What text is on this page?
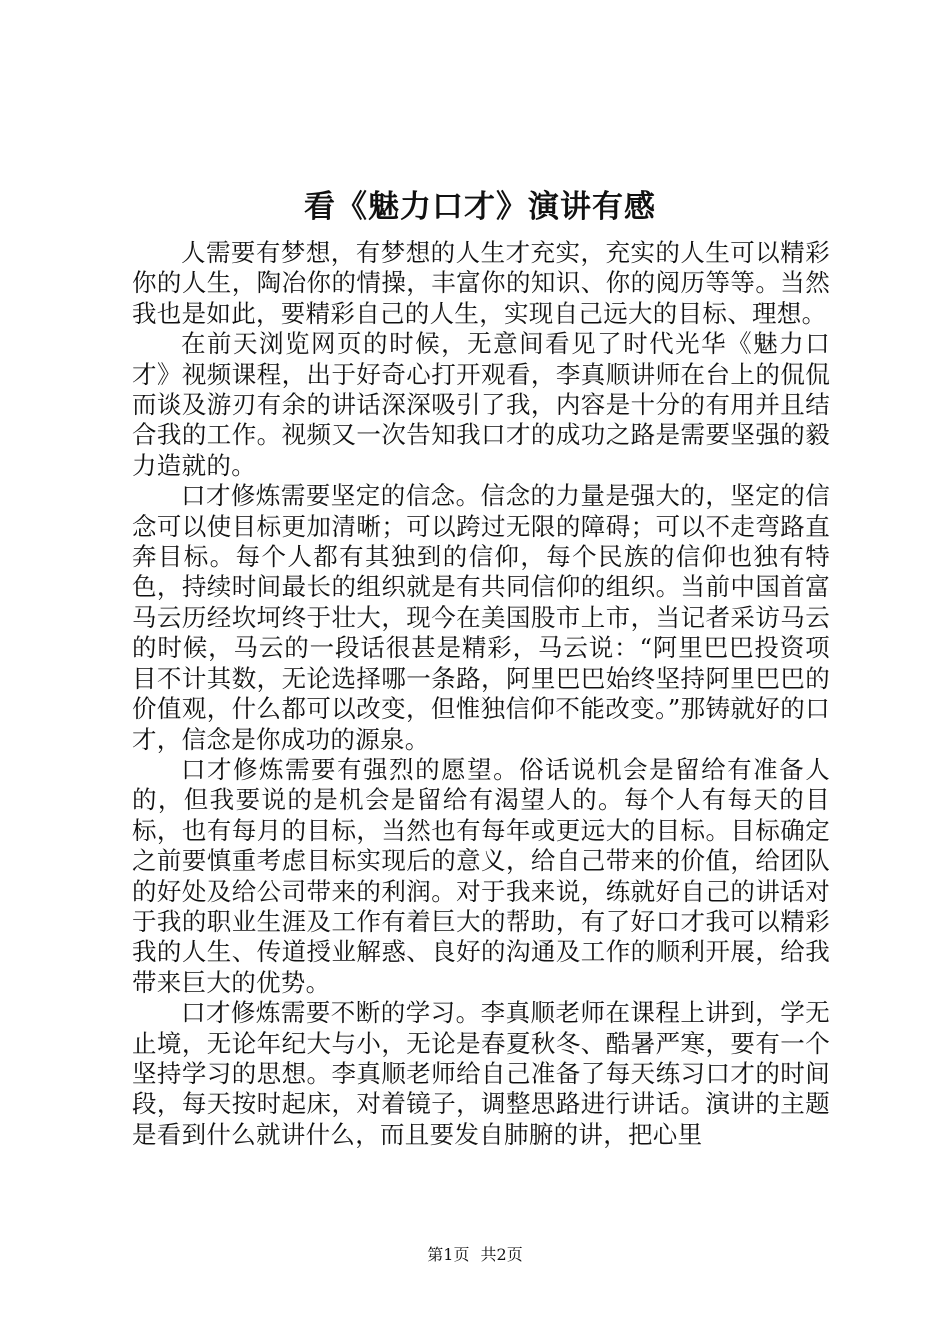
看《魅力口才》演讲有感

人需要有梦想，有梦想的人生才充实，充实的人生可以精彩你的人生，陶冶你的情操，丰富你的知识、你的阅历等等。当然我也是如此，要精彩自己的人生，实现自己远大的目标、理想。

在前天浏览网页的时候，无意间看见了时代光华《魅力口才》视频课程，出于好奇心打开观看，李真顺讲师在台上的侃侃而谈及游刃有余的讲话深深吸引了我，内容是十分的有用并且结合我的工作。视频又一次告知我口才的成功之路是需要坚强的毅力造就的。

口才修炼需要坚定的信念。信念的力量是强大的，坚定的信念可以使目标更加清晰；可以跨过无限的障碍；可以不走弯路直奔目标。每个人都有其独到的信仰，每个民族的信仰也独有特色，持续时间最长的组织就是有共同信仰的组织。当前中国首富马云历经坎坷终于壮大，现今在美国股市上市，当记者采访马云的时候，马云的一段话很甚是精彩，马云说：“阿里巴巴投资项目不计其数，无论选择哪一条路，阿里巴巴始终坚持阿里巴巴的价值观，什么都可以改变，但惟独信仰不能改变。”那铸就好的口才，信念是你成功的源泉。

口才修炼需要有强烈的愿望。俗话说机会是留给有准备人的，但我要说的是机会是留给有渴望人的。每个人有每天的目标，也有每月的目标，当然也有每年或更远大的目标。目标确定之前要慎重考虑目标实现后的意义，给自己带来的价值，给团队的好处及给公司带来的利润。对于我来说，练就好自己的讲话对于我的职业生涯及工作有着巨大的帮助，有了好口才我可以精彩我的人生、传道授业解惑、良好的沟通及工作的顺利开展，给我带来巨大的优势。

口才修炼需要不断的学习。李真顺老师在课程上讲到，学无止境，无论年纪大与小，无论是春夏秋冬、酷暑严寒，要有一个坚持学习的思想。李真顺老师给自己准备了每天练习口才的时间段，每天按时起床，对着镜子，调整思路进行讲话。演讲的主题是看到什么就讲什么，而且要发自肺腑的讲，把心里

第1页 共2页
